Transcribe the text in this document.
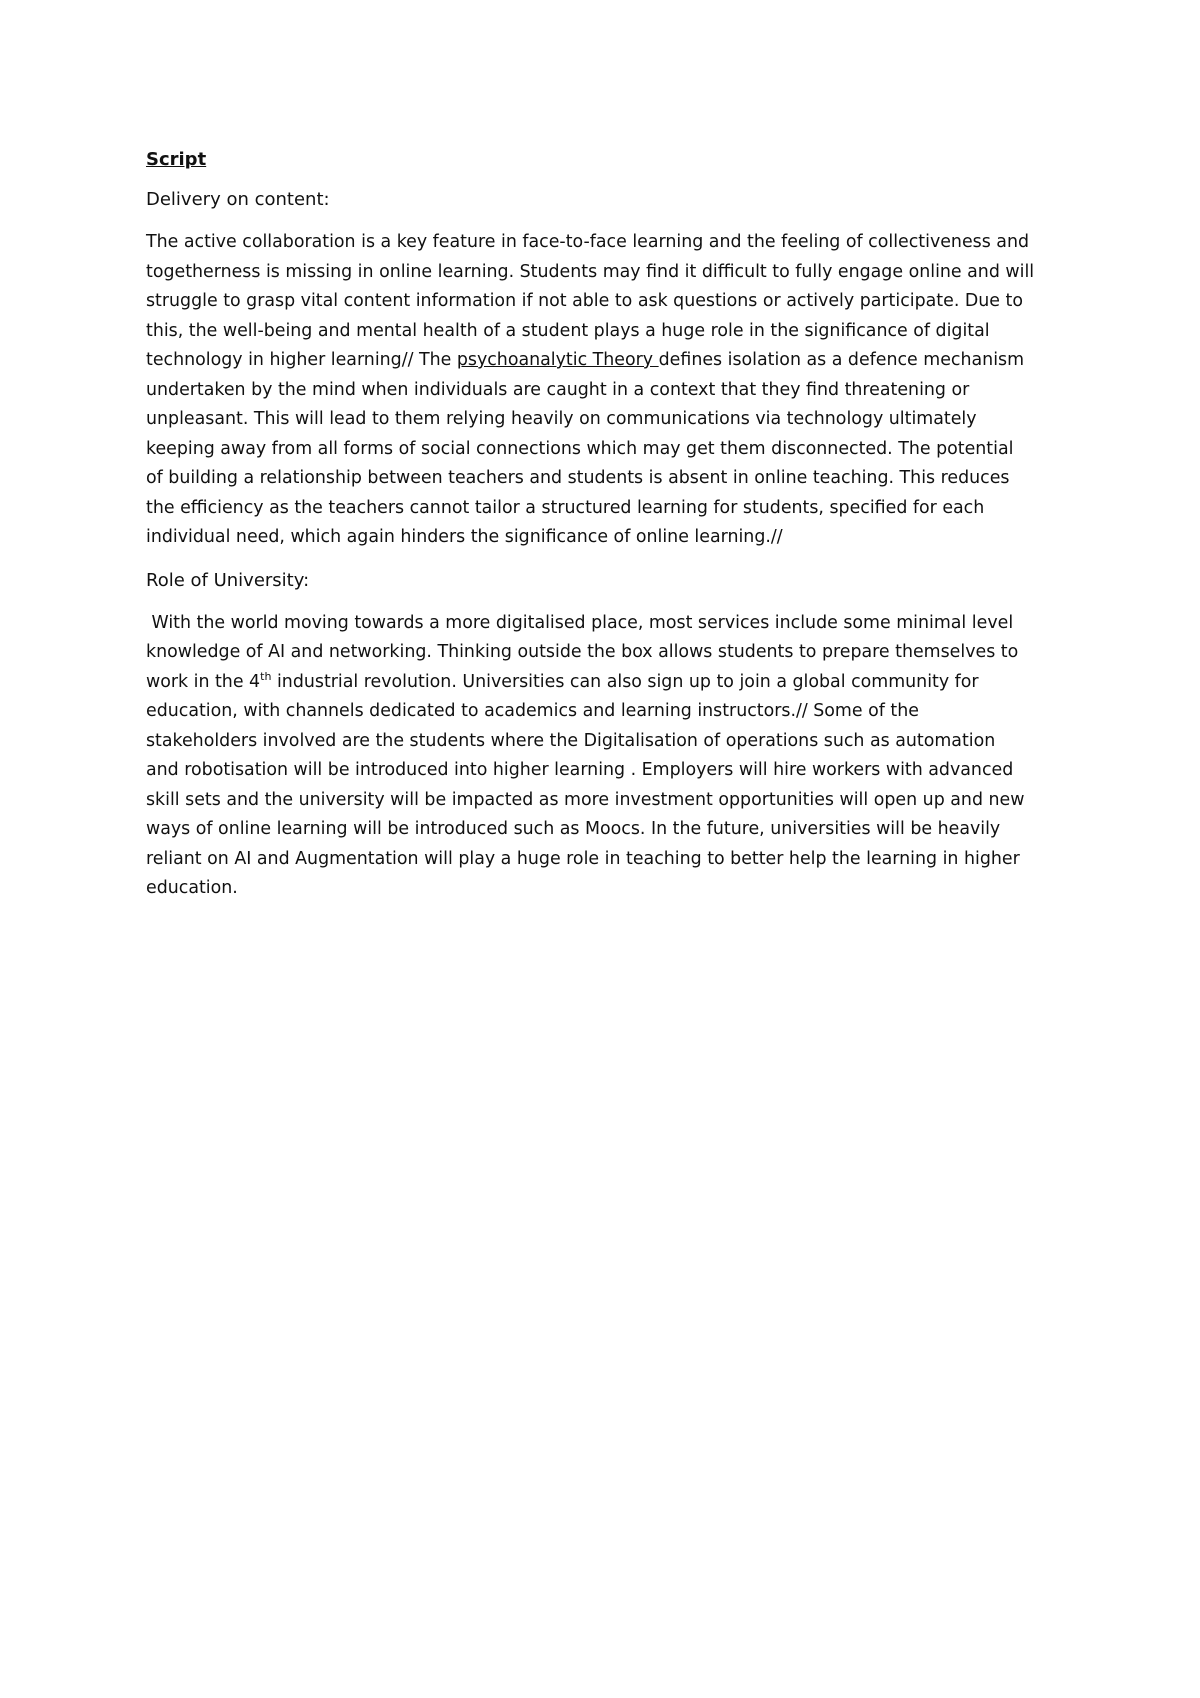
Script
Delivery on content:
The active collaboration is a key feature in face-to-face learning and the feeling of collectiveness and
togetherness is missing in online learning. Students may find it difficult to fully engage online and will
struggle to grasp vital content information if not able to ask questions or actively participate. Due to
this, the well-being and mental health of a student plays a huge role in the significance of digital
technology in higher learning// The psychoanalytic Theory defines isolation as a defence mechanism
undertaken by the mind when individuals are caught in a context that they find threatening or
unpleasant. This will lead to them relying heavily on communications via technology ultimately
keeping away from all forms of social connections which may get them disconnected. The potential
of building a relationship between teachers and students is absent in online teaching. This reduces
the efficiency as the teachers cannot tailor a structured learning for students, specified for each
individual need, which again hinders the significance of online learning.//
Role of University:
With the world moving towards a more digitalised place, most services include some minimal level
knowledge of AI and networking. Thinking outside the box allows students to prepare themselves to
work in the 4th industrial revolution. Universities can also sign up to join a global community for
education, with channels dedicated to academics and learning instructors.// Some of the
stakeholders involved are the students where the Digitalisation of operations such as automation
and robotisation will be introduced into higher learning . Employers will hire workers with advanced
skill sets and the university will be impacted as more investment opportunities will open up and new
ways of online learning will be introduced such as Moocs. In the future, universities will be heavily
reliant on AI and Augmentation will play a huge role in teaching to better help the learning in higher
education.
